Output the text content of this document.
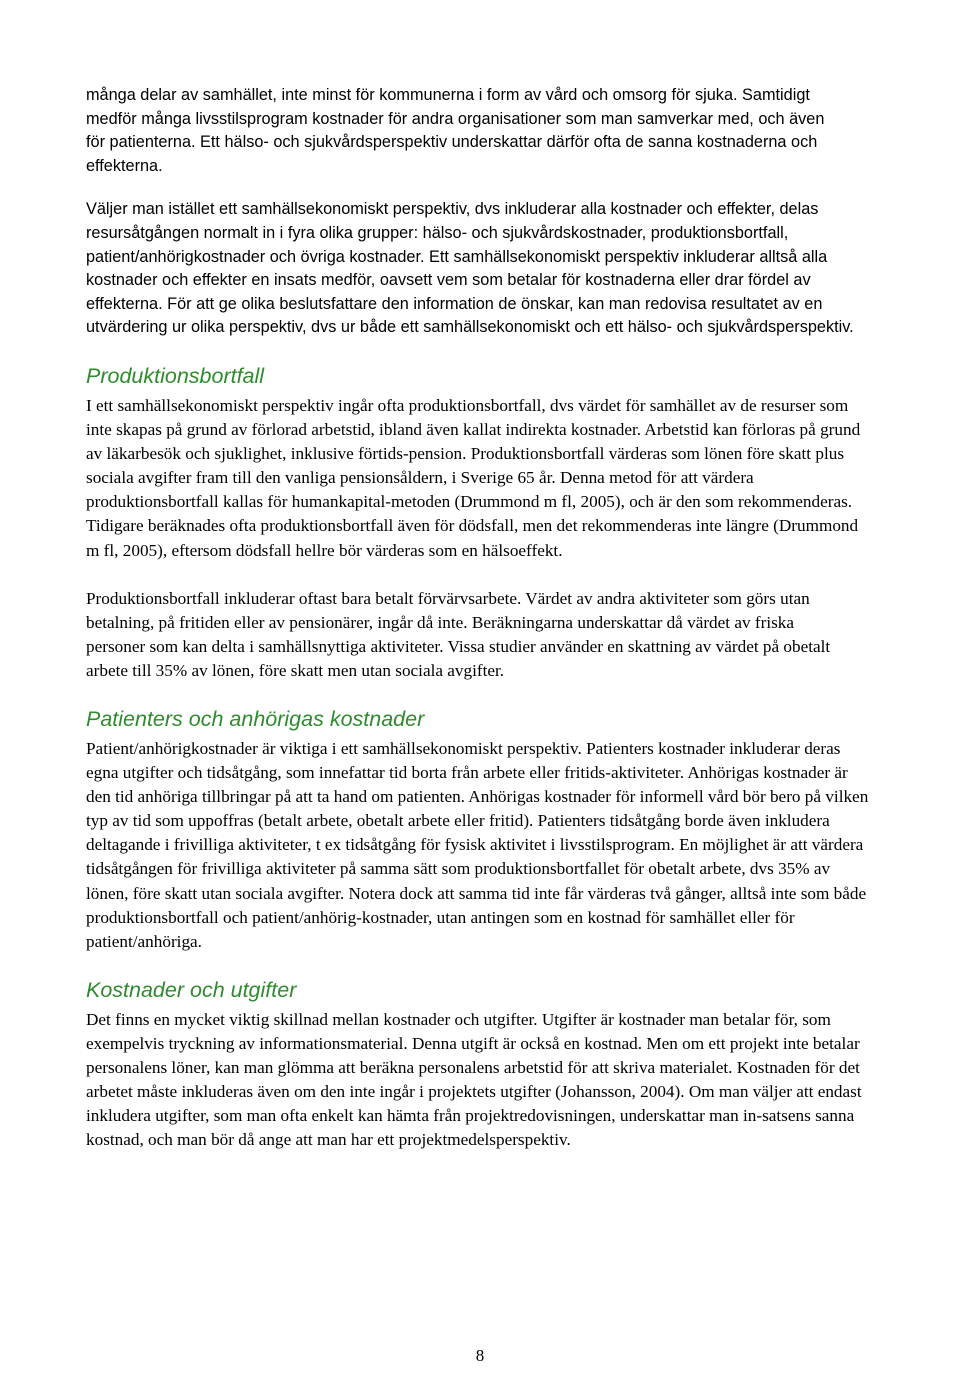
många delar av samhället, inte minst för kommunerna i form av vård och omsorg för sjuka. Samtidigt medför många livsstilsprogram kostnader för andra organisationer som man samverkar med, och även för patienterna. Ett hälso- och sjukvårdsperspektiv underskattar därför ofta de sanna kostnaderna och effekterna.

Väljer man istället ett samhällsekonomiskt perspektiv, dvs inkluderar alla kostnader och effekter, delas resursåtgången normalt in i fyra olika grupper: hälso- och sjukvårdskostnader, produktionsbortfall, patient/anhörigkostnader och övriga kostnader. Ett samhällsekonomiskt perspektiv inkluderar alltså alla kostnader och effekter en insats medför, oavsett vem som betalar för kostnaderna eller drar fördel av effekterna. För att ge olika beslutsfattare den information de önskar, kan man redovisa resultatet av en utvärdering ur olika perspektiv, dvs ur både ett samhällsekonomiskt och ett hälso- och sjukvårdsperspektiv.

Produktionsbortfall

I ett samhällsekonomiskt perspektiv ingår ofta produktionsbortfall, dvs värdet för samhället av de resurser som inte skapas på grund av förlorad arbetstid, ibland även kallat indirekta kostnader. Arbetstid kan förloras på grund av läkarbesök och sjuklighet, inklusive förtids-pension. Produktionsbortfall värderas som lönen före skatt plus sociala avgifter fram till den vanliga pensionsåldern, i Sverige 65 år. Denna metod för att värdera produktionsbortfall kallas för humankapital-metoden (Drummond m fl, 2005), och är den som rekommenderas. Tidigare beräknades ofta produktionsbortfall även för dödsfall, men det rekommenderas inte längre (Drummond m fl, 2005), eftersom dödsfall hellre bör värderas som en hälsoeffekt.

Produktionsbortfall inkluderar oftast bara betalt förvärvsarbete. Värdet av andra aktiviteter som görs utan betalning, på fritiden eller av pensionärer, ingår då inte. Beräkningarna underskattar då värdet av friska personer som kan delta i samhällsnyttiga aktiviteter. Vissa studier använder en skattning av värdet på obetalt arbete till 35% av lönen, före skatt men utan sociala avgifter.

Patienters och anhörigas kostnader

Patient/anhörigkostnader är viktiga i ett samhällsekonomiskt perspektiv. Patienters kostnader inkluderar deras egna utgifter och tidsåtgång, som innefattar tid borta från arbete eller fritids-aktiviteter. Anhörigas kostnader är den tid anhöriga tillbringar på att ta hand om patienten. Anhörigas kostnader för informell vård bör bero på vilken typ av tid som uppoffras (betalt arbete, obetalt arbete eller fritid). Patienters tidsåtgång borde även inkludera deltagande i frivilliga aktiviteter, t ex tidsåtgång för fysisk aktivitet i livsstilsprogram. En möjlighet är att värdera tidsåtgången för frivilliga aktiviteter på samma sätt som produktionsbortfallet för obetalt arbete, dvs 35% av lönen, före skatt utan sociala avgifter. Notera dock att samma tid inte får värderas två gånger, alltså inte som både produktionsbortfall och patient/anhörig-kostnader, utan antingen som en kostnad för samhället eller för patient/anhöriga.

Kostnader och utgifter

Det finns en mycket viktig skillnad mellan kostnader och utgifter. Utgifter är kostnader man betalar för, som exempelvis tryckning av informationsmaterial. Denna utgift är också en kostnad. Men om ett projekt inte betalar personalens löner, kan man glömma att beräkna personalens arbetstid för att skriva materialet. Kostnaden för det arbetet måste inkluderas även om den inte ingår i projektets utgifter (Johansson, 2004). Om man väljer att endast inkludera utgifter, som man ofta enkelt kan hämta från projektredovisningen, underskattar man in-satsens sanna kostnad, och man bör då ange att man har ett projektmedelsperspektiv.

8
